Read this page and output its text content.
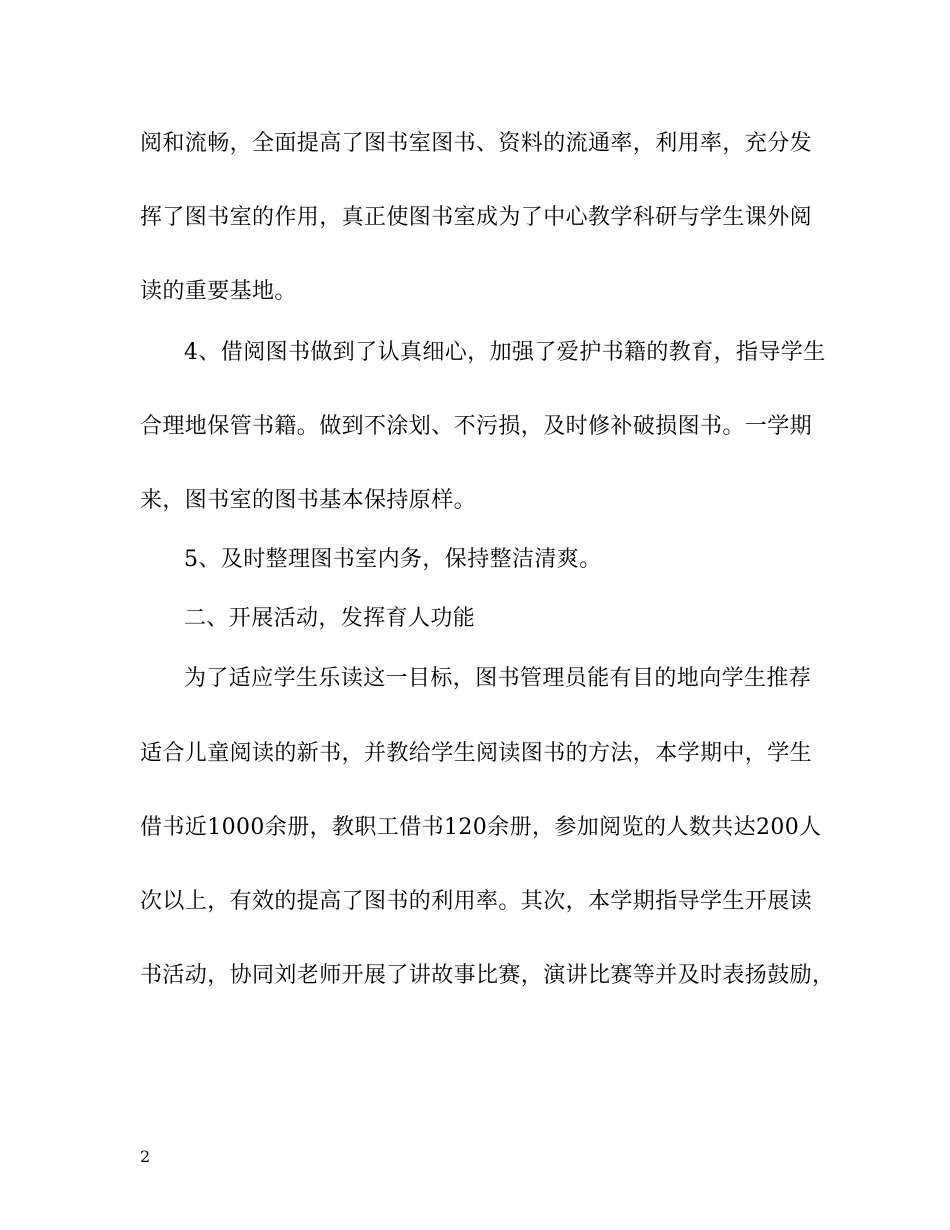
阅和流畅，全面提高了图书室图书、资料的流通率，利用率，充分发
挥了图书室的作用，真正使图书室成为了中心教学科研与学生课外阅
读的重要基地。
4、借阅图书做到了认真细心，加强了爱护书籍的教育，指导学生
合理地保管书籍。做到不涂划、不污损，及时修补破损图书。一学期
来，图书室的图书基本保持原样。
5、及时整理图书室内务，保持整洁清爽。
二、开展活动，发挥育人功能
为了适应学生乐读这一目标，图书管理员能有目的地向学生推荐
适合儿童阅读的新书，并教给学生阅读图书的方法，本学期中，学生
借书近1000余册，教职工借书120余册，参加阅览的人数共达200人
次以上，有效的提高了图书的利用率。其次，本学期指导学生开展读
书活动，协同刘老师开展了讲故事比赛，演讲比赛等并及时表扬鼓励，
2
